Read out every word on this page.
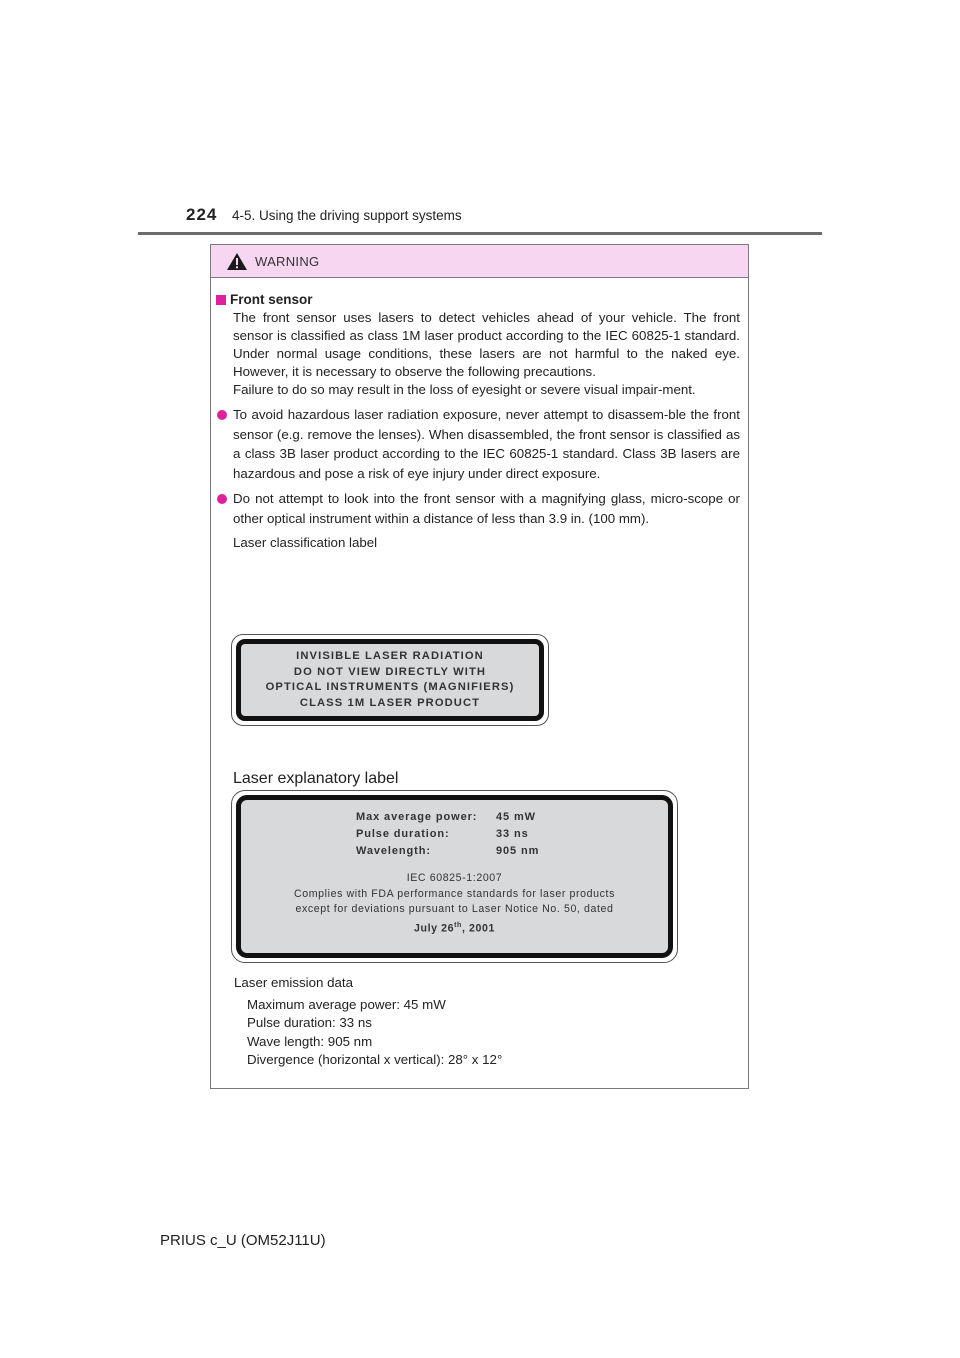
224	4-5. Using the driving support systems
WARNING
Front sensor
The front sensor uses lasers to detect vehicles ahead of your vehicle. The front sensor is classified as class 1M laser product according to the IEC 60825-1 standard. Under normal usage conditions, these lasers are not harmful to the naked eye. However, it is necessary to observe the following precautions.
Failure to do so may result in the loss of eyesight or severe visual impair-ment.

To avoid hazardous laser radiation exposure, never attempt to disassem-ble the front sensor (e.g. remove the lenses). When disassembled, the front sensor is classified as a class 3B laser product according to the IEC 60825-1 standard. Class 3B lasers are hazardous and pose a risk of eye injury under direct exposure.

Do not attempt to look into the front sensor with a magnifying glass, micro-scope or other optical instrument within a distance of less than 3.9 in. (100 mm).

Laser classification label
INVISIBLE LASER RADIATION
DO NOT VIEW DIRECTLY WITH
OPTICAL INSTRUMENTS (MAGNIFIERS)
CLASS 1M LASER PRODUCT
Laser explanatory label
Max average power:	45 mW
Pulse duration:	33 ns
Wavelength:	905 nm
IEC 60825-1:2007
Complies with FDA performance standards for laser products
except for deviations pursuant to Laser Notice No. 50, dated
July 26th, 2001
Laser emission data
Maximum average power: 45 mW
Pulse duration: 33 ns
Wave length: 905 nm
Divergence (horizontal x vertical): 28° x 12°
PRIUS c_U (OM52J11U)
